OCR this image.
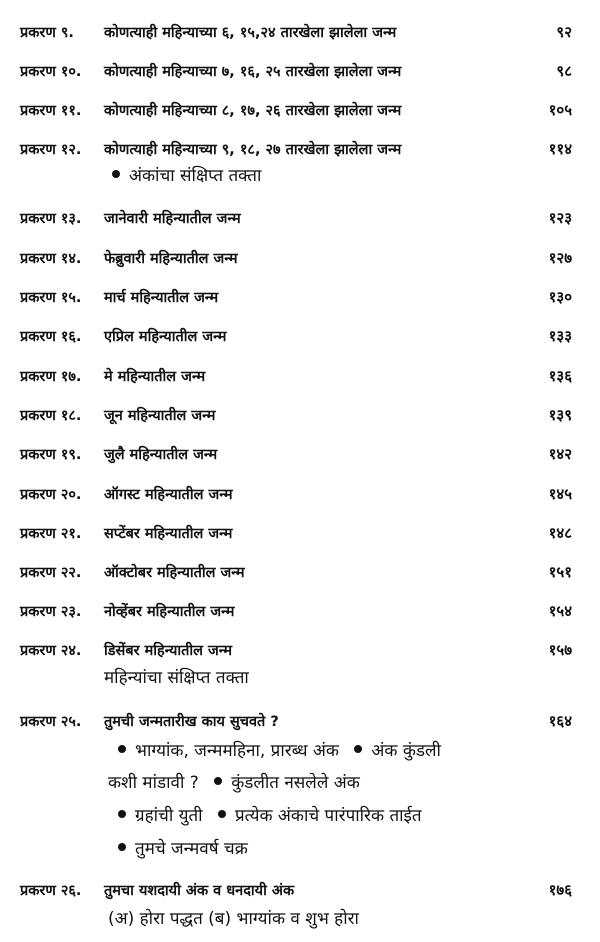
प्रकरण ९. कोणत्याही महिन्याच्या ६, १५,२४ तारखेला झालेला जन्म	९२
प्रकरण १०. कोणत्याही महिन्याच्या ७, १६, २५ तारखेला झालेला जन्म	९८
प्रकरण ११. कोणत्याही महिन्याच्या ८, १७, २६ तारखेला झालेला जन्म	१०५
प्रकरण १२. कोणत्याही महिन्याच्या ९, १८, २७ तारखेला झालेला जन्म	११४
अंकांचा संक्षिप्त तक्ता
प्रकरण १३. जानेवारी महिन्यातील जन्म	१२३
प्रकरण १४. फेब्रुवारी महिन्यातील जन्म	१२७
प्रकरण १५. मार्च महिन्यातील जन्म	१३०
प्रकरण १६. एप्रिल महिन्यातील जन्म	१३३
प्रकरण १७. मे महिन्यातील जन्म	१३६
प्रकरण १८. जून महिन्यातील जन्म	१३९
प्रकरण १९. जुलै महिन्यातील जन्म	१४२
प्रकरण २०. ऑगस्ट महिन्यातील जन्म	१४५
प्रकरण २१. सप्टेंबर महिन्यातील जन्म	१४८
प्रकरण २२. ऑक्टोबर महिन्यातील जन्म	१५१
प्रकरण २३. नोव्हेंबर महिन्यातील जन्म	१५४
प्रकरण २४. डिसेंबर महिन्यातील जन्म	१५७
महिन्यांचा संक्षिप्त तक्ता
प्रकरण २५. तुमची जन्मतारीख काय सुचवते ?	१६४
भाग्यांक, जन्ममहिना, प्रारब्ध अंक अंक कुंडली
कशी मांडावी ? कुंडलीत नसलेले अंक
ग्रहांची युती प्रत्येक अंकाचे पारंपारिक ताईत
तुमचे जन्मवर्ष चक्र
प्रकरण २६. तुमचा यशदायी अंक व धनदायी अंक	१७६
(अ) होरा पद्धत (ब) भाग्यांक व शुभ होरा
